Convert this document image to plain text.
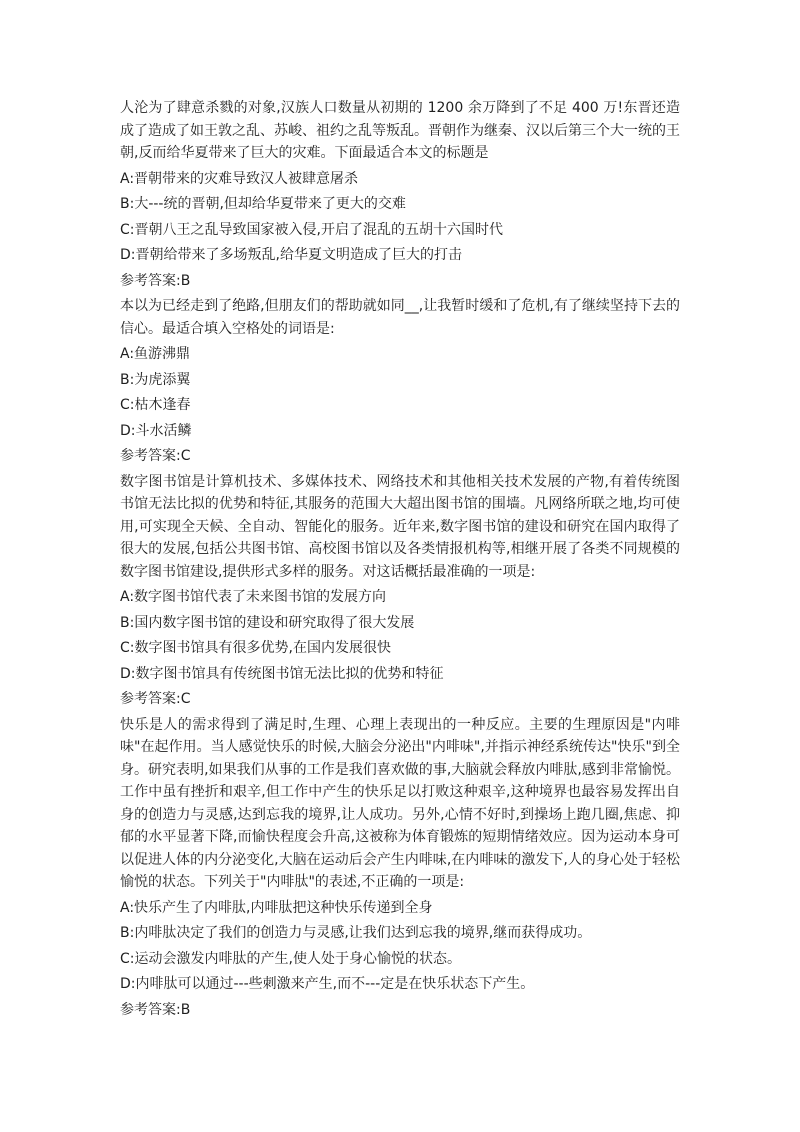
人沦为了肆意杀戮的对象,汉族人口数量从初期的 1200 余万降到了不足 400 万!东晋还造成了造成了如王敦之乱、苏峻、祖约之乱等叛乱。晋朝作为继秦、汉以后第三个大一统的王朝,反而给华夏带来了巨大的灾难。下面最适合本文的标题是

A:晋朝带来的灾难导致汉人被肆意屠杀

B:大---统的晋朝,但却给华夏带来了更大的交难

C:晋朝八王之乱导致国家被入侵,开启了混乱的五胡十六国时代

D:晋朝给带来了多场叛乱,给华夏文明造成了巨大的打击

参考答案:B

本以为已经走到了绝路,但朋友们的帮助就如同__,让我暂时缓和了危机,有了继续坚持下去的信心。最适合填入空格处的词语是:

A:鱼游沸鼎

B:为虎添翼

C:枯木逢春

D:斗水活鳞

参考答案:C

数字图书馆是计算机技术、多媒体技术、网络技术和其他相关技术发展的产物,有着传统图书馆无法比拟的优势和特征,其服务的范围大大超出图书馆的围墙。凡网络所联之地,均可使用,可实现全天候、全自动、智能化的服务。近年来,数字图书馆的建设和研究在国内取得了很大的发展,包括公共图书馆、高校图书馆以及各类情报机构等,相继开展了各类不同规模的数字图书馆建设,提供形式多样的服务。对这话概括最准确的一项是:

A:数字图书馆代表了未来图书馆的发展方向

B:国内数字图书馆的建设和研究取得了很大发展

C:数字图书馆具有很多优势,在国内发展很快

D:数字图书馆具有传统图书馆无法比拟的优势和特征

参考答案:C

快乐是人的需求得到了满足时,生理、心理上表现出的一种反应。主要的生理原因是"内啡味"在起作用。当人感觉快乐的时候,大脑会分泌出"内啡味",并指示神经系统传达"快乐"到全身。研究表明,如果我们从事的工作是我们喜欢做的事,大脑就会释放内啡肽,感到非常愉悦。工作中虽有挫折和艰辛,但工作中产生的快乐足以打败这种艰辛,这种境界也最容易发挥出自身的创造力与灵感,达到忘我的境界,让人成功。另外,心情不好时,到操场上跑几圈,焦虑、抑郁的水平显著下降,而愉快程度会升高,这被称为体育锻炼的短期情绪效应。因为运动本身可以促进人体的内分泌变化,大脑在运动后会产生内啡味,在内啡味的激发下,人的身心处于轻松愉悦的状态。下列关于"内啡肽"的表述,不正确的一项是:

A:快乐产生了内啡肽,内啡肽把这种快乐传递到全身

B:内啡肽决定了我们的创造力与灵感,让我们达到忘我的境界,继而获得成功。

C:运动会激发内啡肽的产生,使人处于身心愉悦的状态。

D:内啡肽可以通过---些刺激来产生,而不---定是在快乐状态下产生。

参考答案:B
